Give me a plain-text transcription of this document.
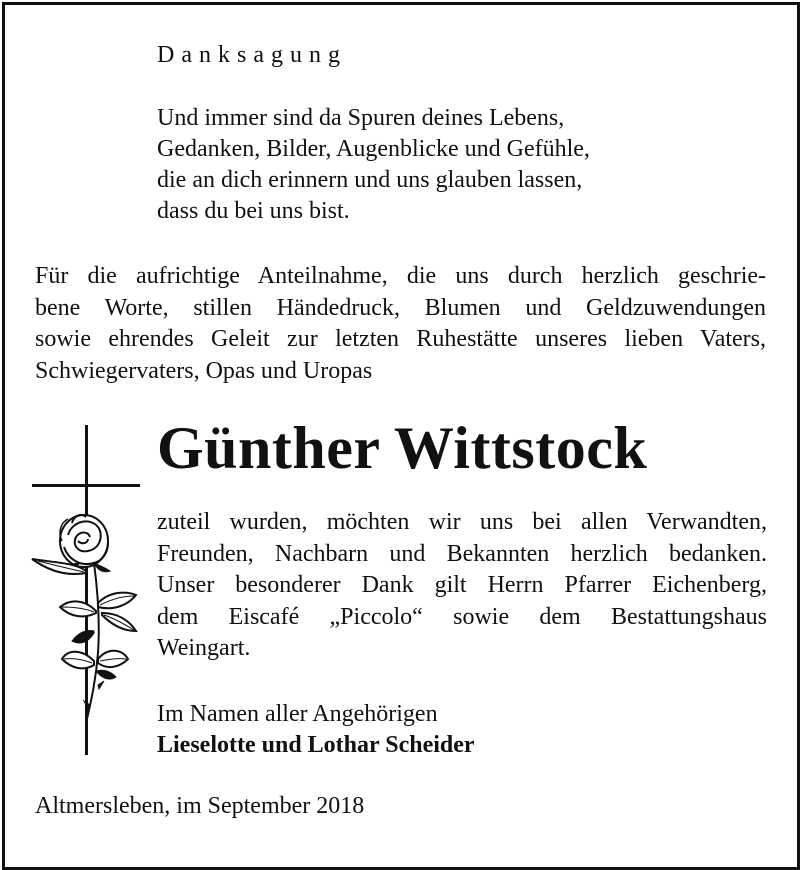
Danksagung
Und immer sind da Spuren deines Lebens,
Gedanken, Bilder, Augenblicke und Gefühle,
die an dich erinnern und uns glauben lassen,
dass du bei uns bist.
Für die aufrichtige Anteilnahme, die uns durch herzlich geschrie-
bene Worte, stillen Händedruck, Blumen und Geldzuwendungen
sowie ehrendes Geleit zur letzten Ruhestätte unseres lieben Vaters,
Schwiegervaters, Opas und Uropas
Günther Wittstock
zuteil wurden, möchten wir uns bei allen Verwandten,
Freunden, Nachbarn und Bekannten herzlich bedanken.
Unser besonderer Dank gilt Herrn Pfarrer Eichenberg,
dem Eiscafé „Piccolo“ sowie dem Bestattungshaus
Weingart.
Im Namen aller Angehörigen
Lieselotte und Lothar Scheider
Altmersleben, im September 2018
